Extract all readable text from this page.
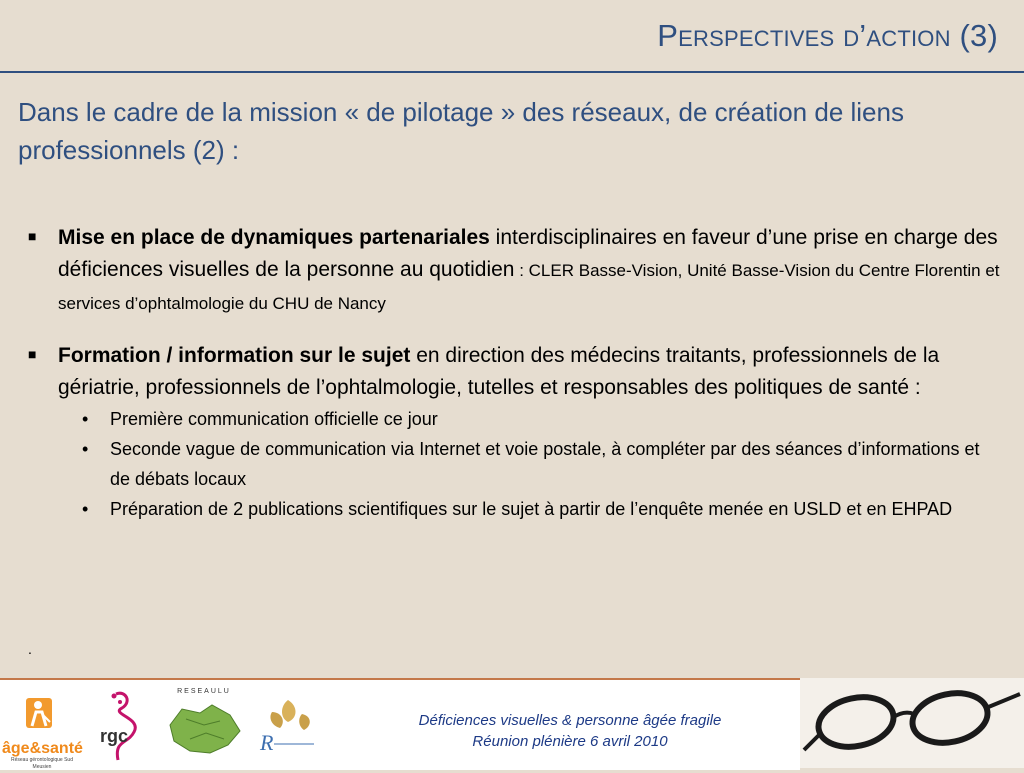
Perspectives d’action (3)
Dans le cadre de la mission « de pilotage » des réseaux, de création de liens professionnels (2) :
■ Mise en place de dynamiques partenariales interdisciplinaires en faveur d’une prise en charge des déficiences visuelles de la personne au quotidien : CLER Basse-Vision, Unité Basse-Vision du Centre Florentin et services d’ophtalmologie du CHU de Nancy
■ Formation / information sur le sujet en direction des médecins traitants, professionnels de la gériatrie, professionnels de l’ophtalmologie, tutelles et responsables des politiques de santé :
• Première communication officielle ce jour
• Seconde vague de communication via Internet et voie postale, à compléter par des séances d’informations et de débats locaux
• Préparation de 2 publications scientifiques sur le sujet à partir de l’enquête menée en USLD et en EHPAD
.
âge&santé
Réseau gérontologique Sud Meusien
rgc
RESEAULU
R
Déficiences visuelles & personne âgée fragile
Réunion plénière 6 avril 2010
